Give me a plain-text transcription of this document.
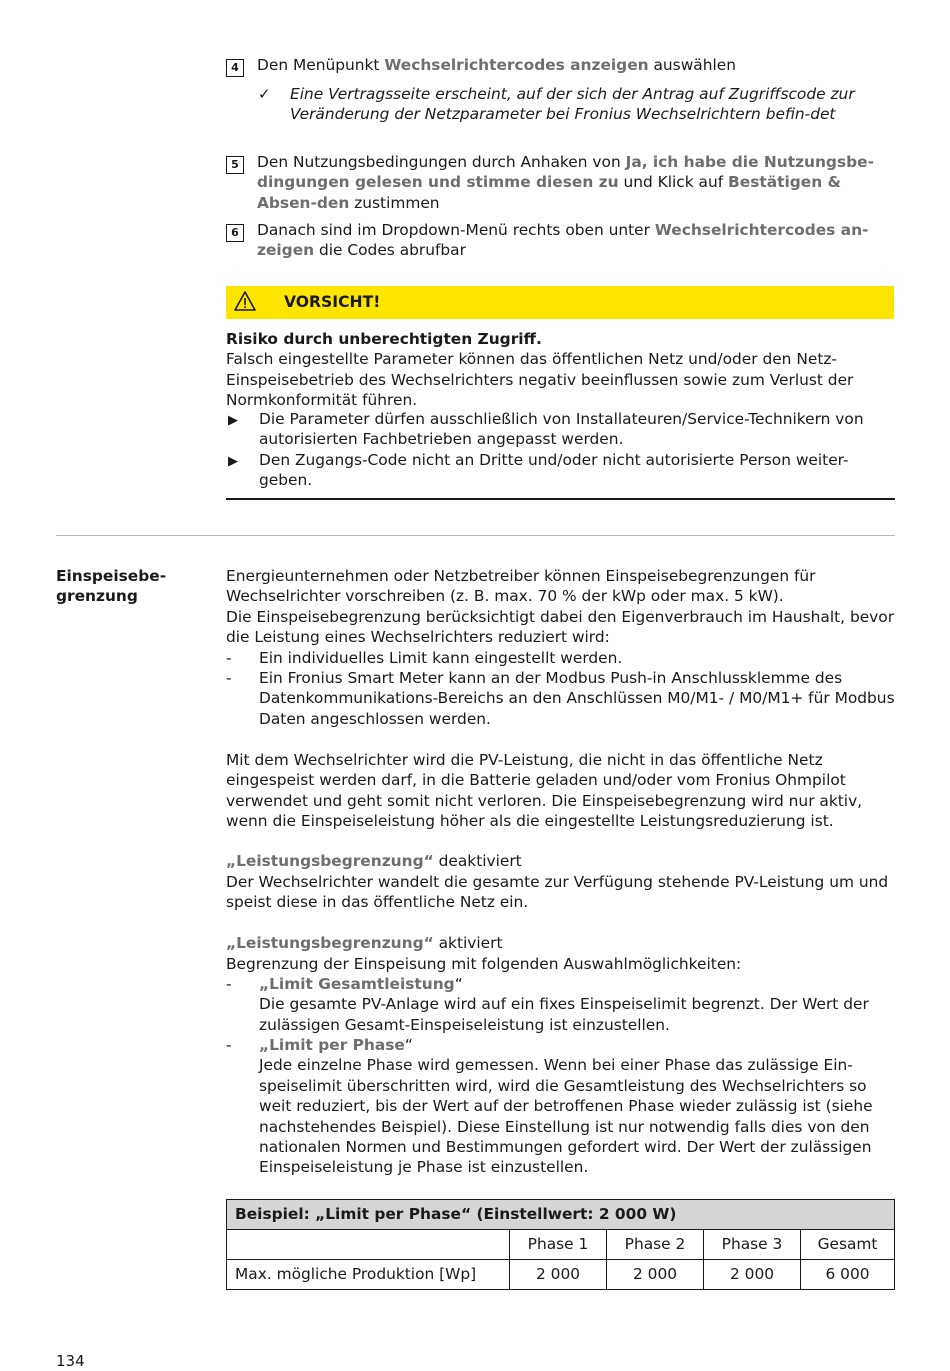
4	Den Menüpunkt Wechselrichtercodes anzeigen auswählen
✓ Eine Vertragsseite erscheint, auf der sich der Antrag auf Zugriffscode zur Veränderung der Netzparameter bei Fronius Wechselrichtern befin-det
5	Den Nutzungsbedingungen durch Anhaken von Ja, ich habe die Nutzungsbe-dingungen gelesen und stimme diesen zu und Klick auf Bestätigen & Absen-den zustimmen
6	Danach sind im Dropdown-Menü rechts oben unter Wechselrichtercodes an-zeigen die Codes abrufbar
VORSICHT!
Risiko durch unberechtigten Zugriff.
Falsch eingestellte Parameter können das öffentlichen Netz und/oder den Netz-Einspeisebetrieb des Wechselrichters negativ beeinflussen sowie zum Verlust der Normkonformität führen.
▶ Die Parameter dürfen ausschließlich von Installateuren/Service-Technikern von autorisierten Fachbetrieben angepasst werden.
▶ Den Zugangs-Code nicht an Dritte und/oder nicht autorisierte Person weiter-geben.
Einspeisebe-grenzung
Energieunternehmen oder Netzbetreiber können Einspeisebegrenzungen für Wechselrichter vorschreiben (z. B. max. 70 % der kWp oder max. 5 kW).
Die Einspeisebegrenzung berücksichtigt dabei den Eigenverbrauch im Haushalt, bevor die Leistung eines Wechselrichters reduziert wird:
- Ein individuelles Limit kann eingestellt werden.
- Ein Fronius Smart Meter kann an der Modbus Push-in Anschlussklemme des Datenkommunikations-Bereichs an den Anschlüssen M0/M1- / M0/M1+ für Modbus Daten angeschlossen werden.
Mit dem Wechselrichter wird die PV-Leistung, die nicht in das öffentliche Netz eingespeist werden darf, in die Batterie geladen und/oder vom Fronius Ohmpilot verwendet und geht somit nicht verloren. Die Einspeisebegrenzung wird nur aktiv, wenn die Einspeiseleistung höher als die eingestellte Leistungsreduzierung ist.
„Leistungsbegrenzung“ deaktiviert
Der Wechselrichter wandelt die gesamte zur Verfügung stehende PV-Leistung um und speist diese in das öffentliche Netz ein.
„Leistungsbegrenzung“ aktiviert
Begrenzung der Einspeisung mit folgenden Auswahlmöglichkeiten:
- „Limit Gesamtleistung“
Die gesamte PV-Anlage wird auf ein fixes Einspeiselimit begrenzt. Der Wert der zulässigen Gesamt-Einspeiseleistung ist einzustellen.
- „Limit per Phase“
Jede einzelne Phase wird gemessen. Wenn bei einer Phase das zulässige Ein-speiselimit überschritten wird, wird die Gesamtleistung des Wechselrichters so weit reduziert, bis der Wert auf der betroffenen Phase wieder zulässig ist (siehe nachstehendes Beispiel). Diese Einstellung ist nur notwendig falls dies von den nationalen Normen und Bestimmungen gefordert wird. Der Wert der zulässigen Einspeiseleistung je Phase ist einzustellen.
Beispiel: „Limit per Phase“ (Einstellwert: 2 000 W)				
	Phase 1	Phase 2	Phase 3	Gesamt
Max. mögliche Produktion [Wp]	2 000	2 000	2 000	6 000
134
